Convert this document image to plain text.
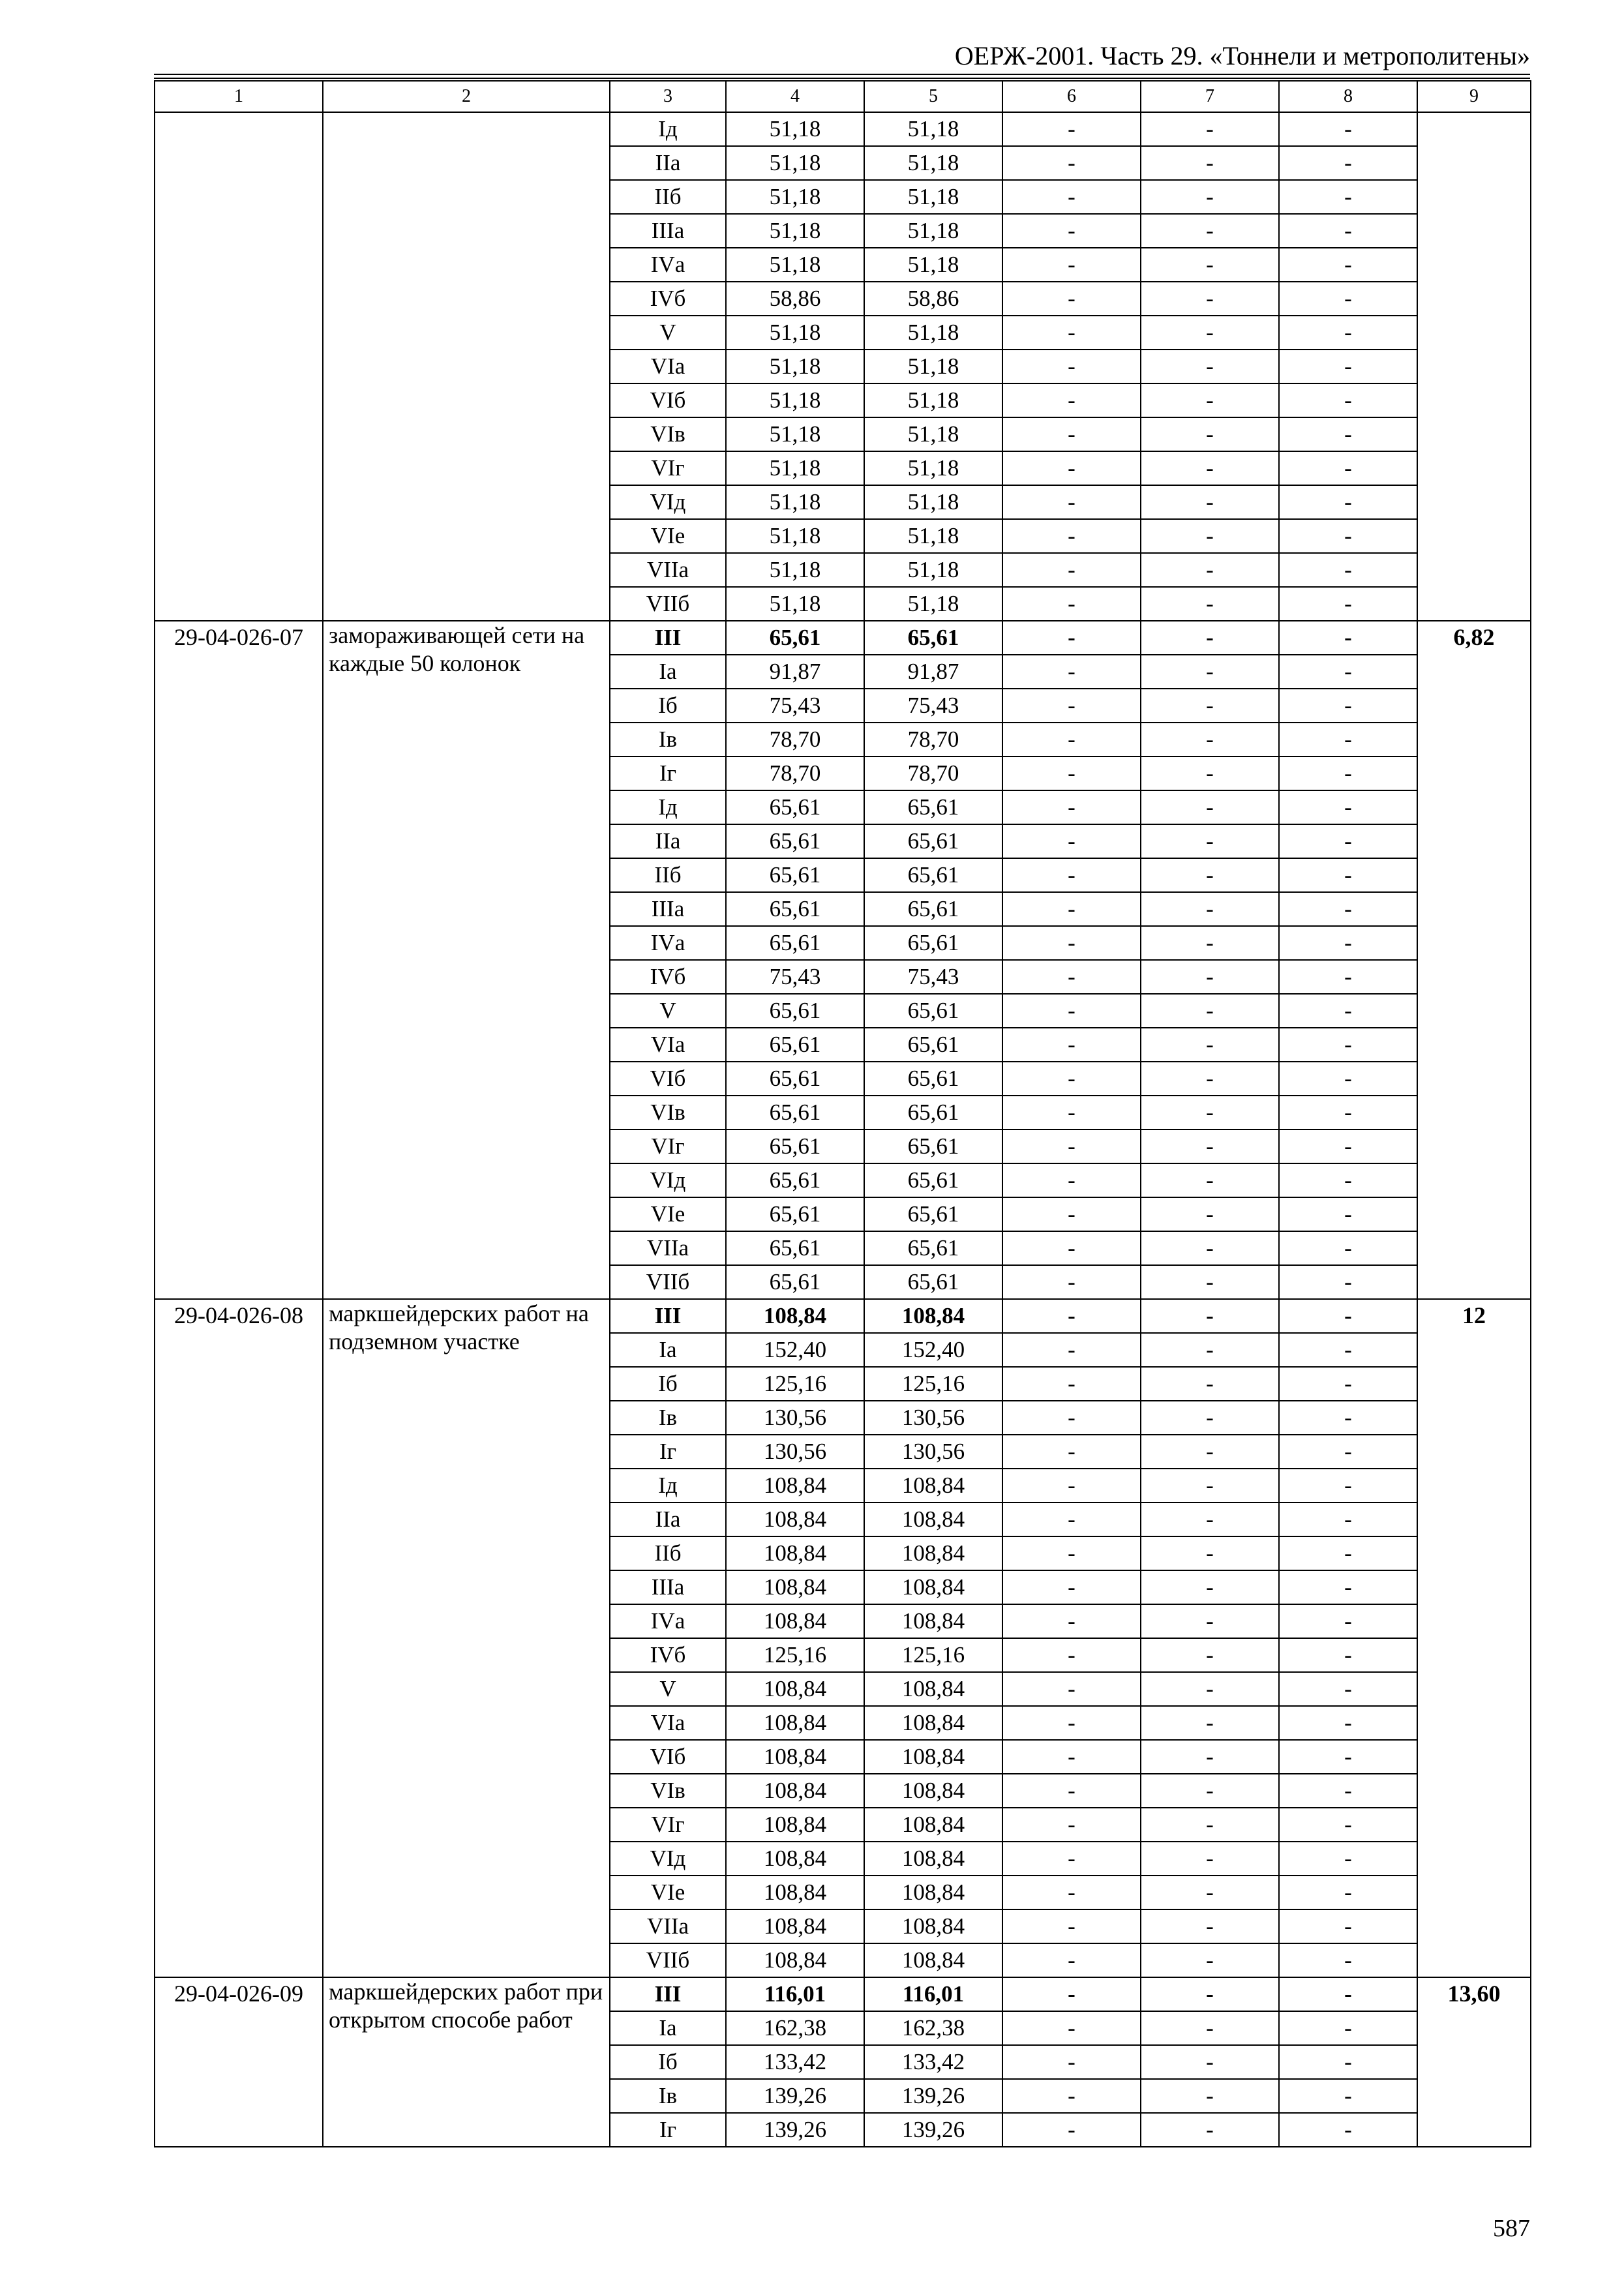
ОЕРЖ-2001. Часть 29. «Тоннели и метрополитены»
1	2	3	4	5	6	7	8	9
		Iд	51,18	51,18	-	-	-	
		IIа	51,18	51,18	-	-	-	
		IIб	51,18	51,18	-	-	-	
		IIIа	51,18	51,18	-	-	-	
		IVа	51,18	51,18	-	-	-	
		IVб	58,86	58,86	-	-	-	
		V	51,18	51,18	-	-	-	
		VIа	51,18	51,18	-	-	-	
		VIб	51,18	51,18	-	-	-	
		VIв	51,18	51,18	-	-	-	
		VIг	51,18	51,18	-	-	-	
		VIд	51,18	51,18	-	-	-	
		VIе	51,18	51,18	-	-	-	
		VIIа	51,18	51,18	-	-	-	
		VIIб	51,18	51,18	-	-	-	
29-04-026-07	замораживающей сети на каждые 50 колонок	III	65,61	65,61	-	-	-	6,82
		Iа	91,87	91,87	-	-	-	
		Iб	75,43	75,43	-	-	-	
		Iв	78,70	78,70	-	-	-	
		Iг	78,70	78,70	-	-	-	
		Iд	65,61	65,61	-	-	-	
		IIа	65,61	65,61	-	-	-	
		IIб	65,61	65,61	-	-	-	
		IIIа	65,61	65,61	-	-	-	
		IVа	65,61	65,61	-	-	-	
		IVб	75,43	75,43	-	-	-	
		V	65,61	65,61	-	-	-	
		VIа	65,61	65,61	-	-	-	
		VIб	65,61	65,61	-	-	-	
		VIв	65,61	65,61	-	-	-	
		VIг	65,61	65,61	-	-	-	
		VIд	65,61	65,61	-	-	-	
		VIе	65,61	65,61	-	-	-	
		VIIа	65,61	65,61	-	-	-	
		VIIб	65,61	65,61	-	-	-	
29-04-026-08	маркшейдерских работ на подземном участке	III	108,84	108,84	-	-	-	12
		Iа	152,40	152,40	-	-	-	
		Iб	125,16	125,16	-	-	-	
		Iв	130,56	130,56	-	-	-	
		Iг	130,56	130,56	-	-	-	
		Iд	108,84	108,84	-	-	-	
		IIа	108,84	108,84	-	-	-	
		IIб	108,84	108,84	-	-	-	
		IIIа	108,84	108,84	-	-	-	
		IVа	108,84	108,84	-	-	-	
		IVб	125,16	125,16	-	-	-	
		V	108,84	108,84	-	-	-	
		VIа	108,84	108,84	-	-	-	
		VIб	108,84	108,84	-	-	-	
		VIв	108,84	108,84	-	-	-	
		VIг	108,84	108,84	-	-	-	
		VIд	108,84	108,84	-	-	-	
		VIе	108,84	108,84	-	-	-	
		VIIа	108,84	108,84	-	-	-	
		VIIб	108,84	108,84	-	-	-	
29-04-026-09	маркшейдерских работ при открытом способе работ	III	116,01	116,01	-	-	-	13,60
		Iа	162,38	162,38	-	-	-	
		Iб	133,42	133,42	-	-	-	
		Iв	139,26	139,26	-	-	-	
		Iг	139,26	139,26	-	-	-	
587
